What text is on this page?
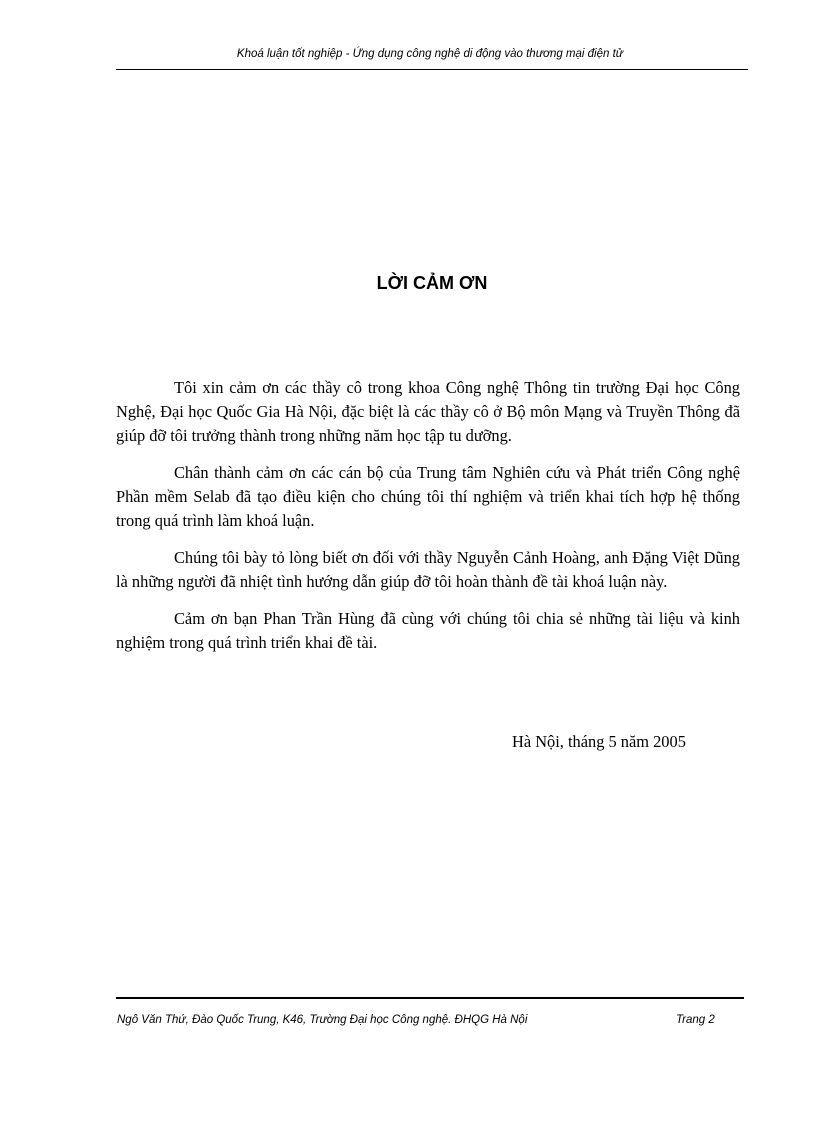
Khoá luận tốt nghiệp - Ứng dụng công nghệ di động vào thương mại điện tử
LỜI CẢM ƠN

Tôi xin cảm ơn các thầy cô trong khoa Công nghệ Thông tin trường Đại học Công Nghệ, Đại học Quốc Gia Hà Nội, đặc biệt là các thầy cô ở Bộ môn Mạng và Truyền Thông đã giúp đỡ tôi trưởng thành trong những năm học tập tu dưỡng.

Chân thành cảm ơn các cán bộ của Trung tâm Nghiên cứu và Phát triển Công nghệ Phần mềm Selab đã tạo điều kiện cho chúng tôi thí nghiệm và triển khai tích hợp hệ thống trong quá trình làm khoá luận.

Chúng tôi bày tỏ lòng biết ơn đối với thầy Nguyễn Cảnh Hoàng, anh Đặng Việt Dũng là những người đã nhiệt tình hướng dẫn giúp đỡ tôi hoàn thành đề tài khoá luận này.

Cảm ơn bạn Phan Trần Hùng đã cùng với chúng tôi chia sẻ những tài liệu và kinh nghiệm trong quá trình triển khai đề tài.

Hà Nội, tháng 5 năm 2005
Ngô Văn Thứ, Đào Quốc Trung, K46, Trường Đại học Công nghệ. ĐHQG Hà Nội	Trang 2
